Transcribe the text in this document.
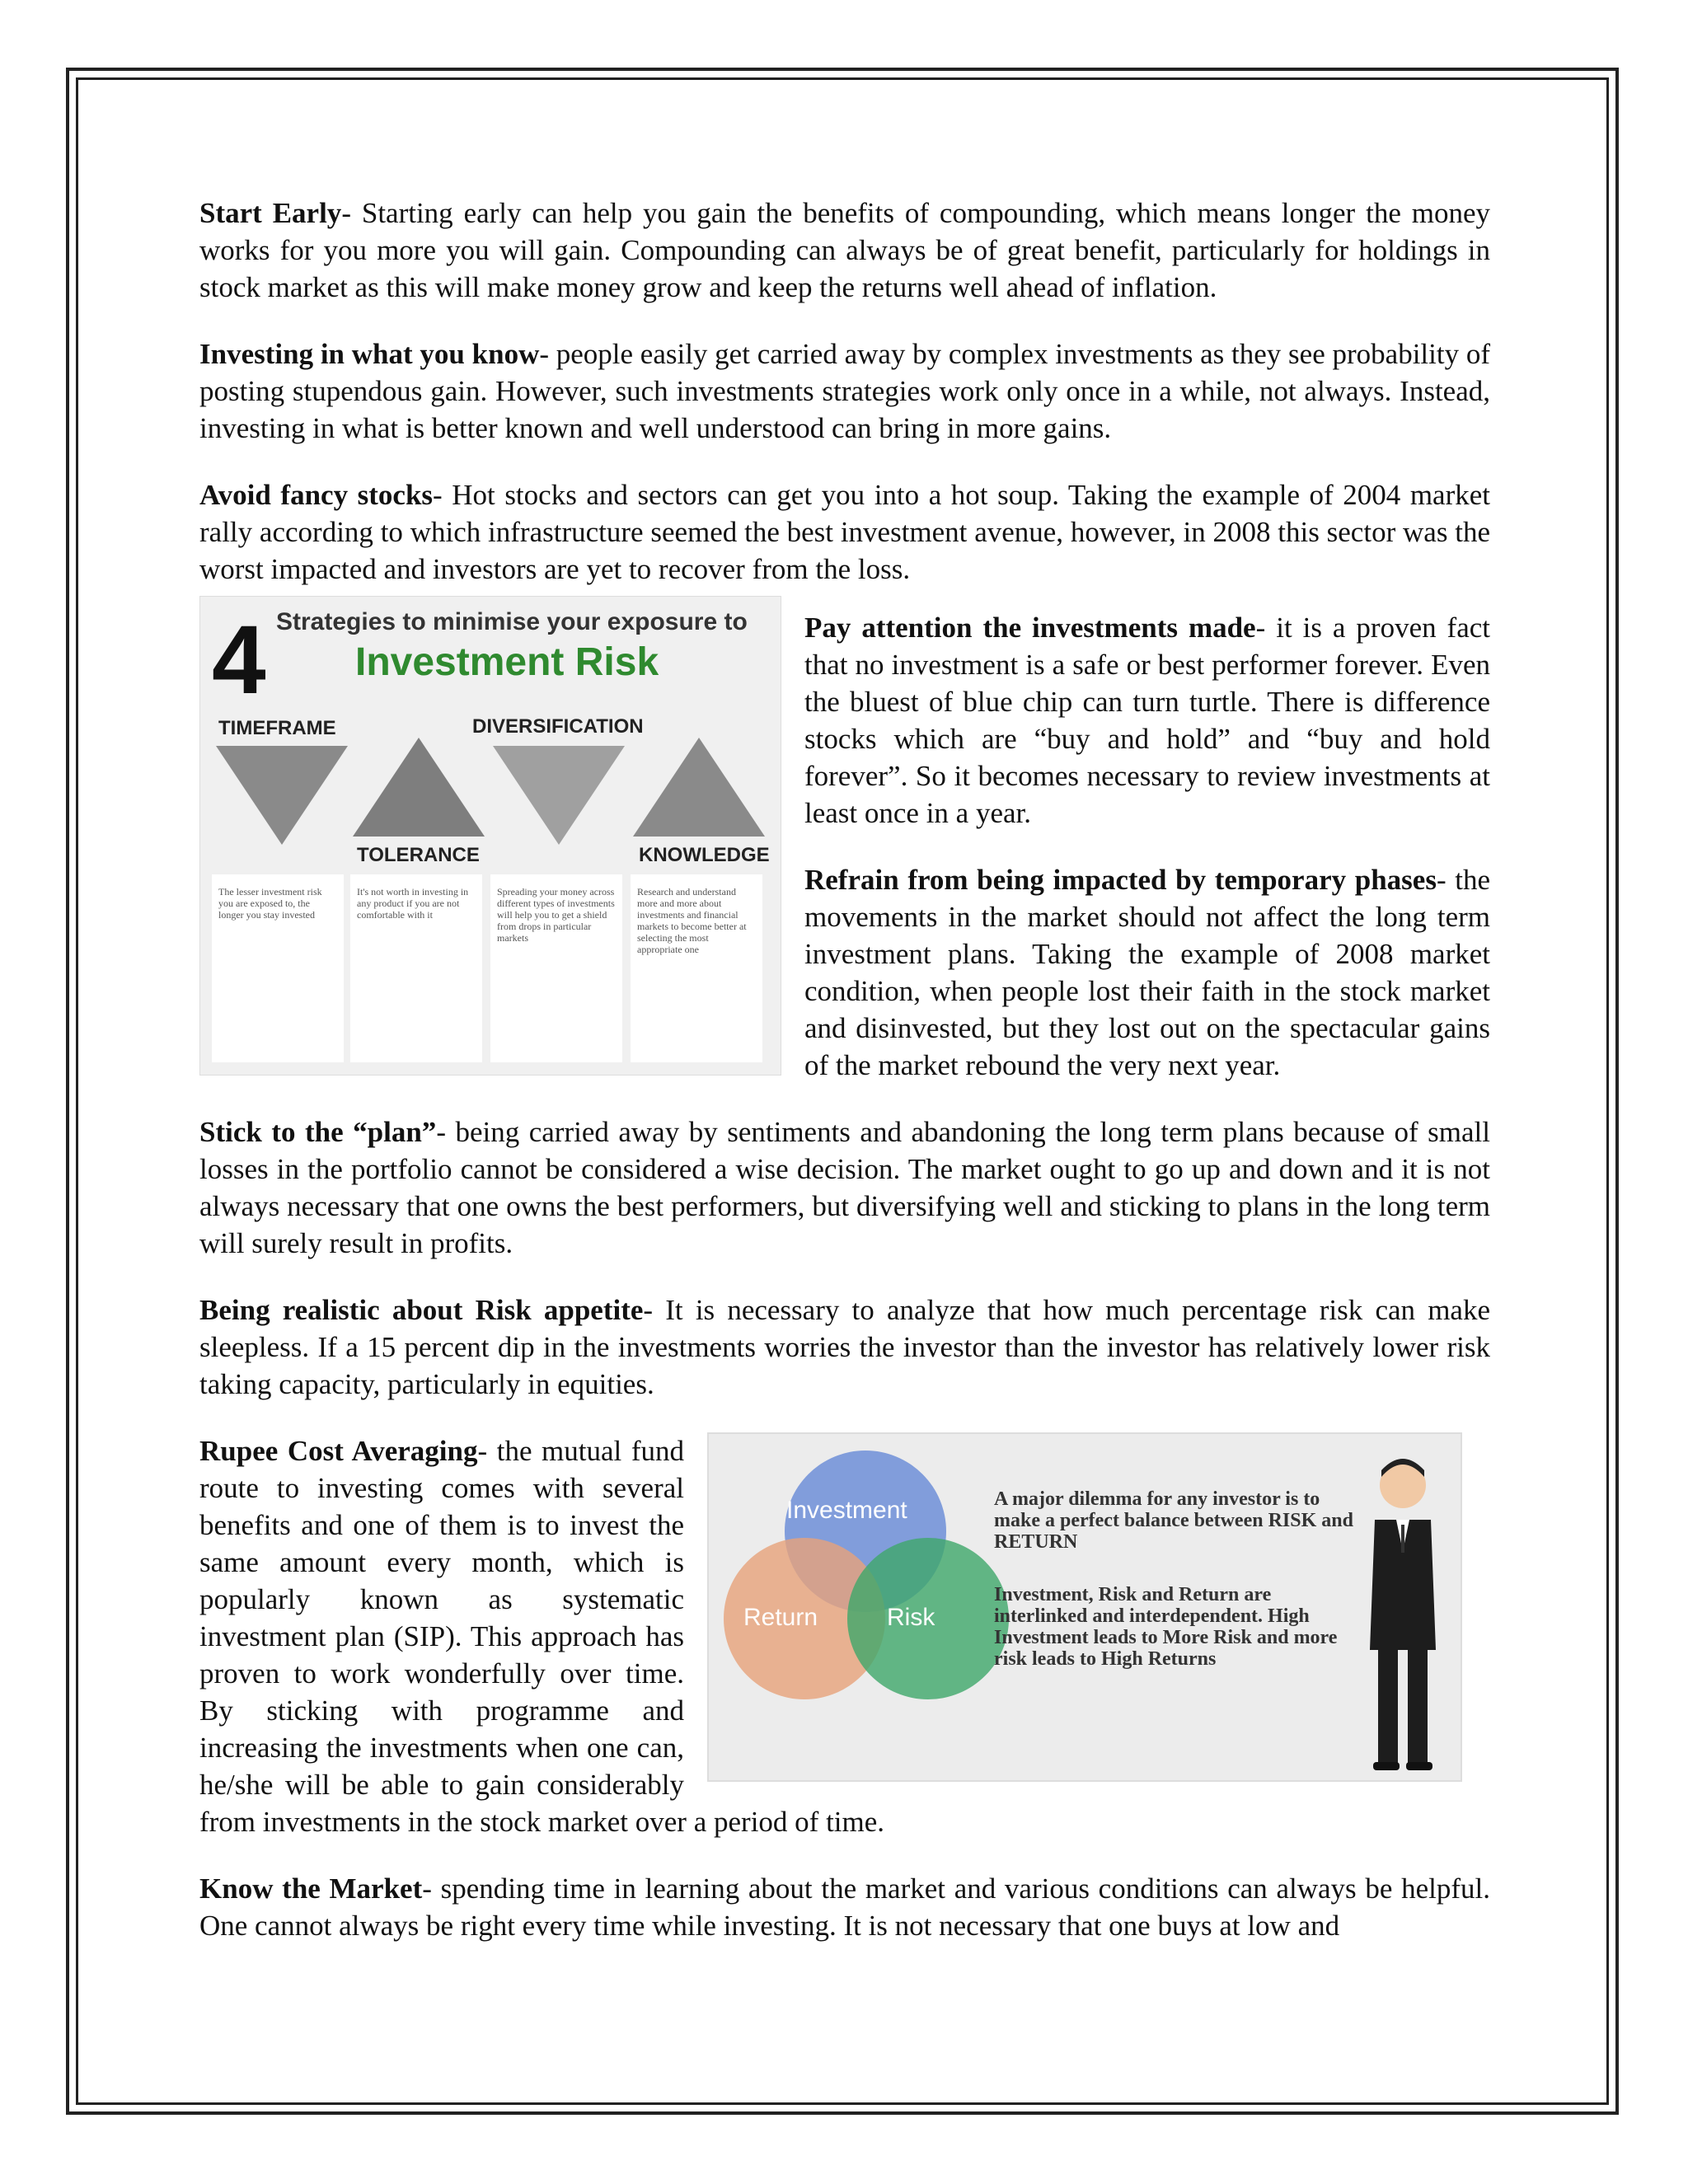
Start Early- Starting early can help you gain the benefits of compounding, which means longer the money works for you more you will gain. Compounding can always be of great benefit, particularly for holdings in stock market as this will make money grow and keep the returns well ahead of inflation.

Investing in what you know- people easily get carried away by complex investments as they see probability of posting stupendous gain. However, such investments strategies work only once in a while, not always. Instead, investing in what is better known and well understood can bring in more gains.

Avoid fancy stocks- Hot stocks and sectors can get you into a hot soup. Taking the example of 2004 market rally according to which infrastructure seemed the best investment avenue, however, in 2008 this sector was the worst impacted and investors are yet to recover from the loss.

4 Strategies to minimise your exposure to
Investment Risk
TIMEFRAME	DIVERSIFICATION
TOLERANCE	KNOWLEDGE
The lesser investment risk you are exposed to, the longer you stay invested
It's not worth in investing in any product if you are not comfortable with it
Spreading your money across different types of investments will help you to get a shield from drops in particular markets
Research and understand more and more about investments and financial markets to become better at selecting the most appropriate one

Pay attention the investments made- it is a proven fact that no investment is a safe or best performer forever. Even the bluest of blue chip can turn turtle. There is difference stocks which are “buy and hold” and “buy and hold forever”. So it becomes necessary to review investments at least once in a year.

Refrain from being impacted by temporary phases- the movements in the market should not affect the long term investment plans. Taking the example of 2008 market condition, when people lost their faith in the stock market and disinvested, but they lost out on the spectacular gains of the market rebound the very next year.

Stick to the “plan”- being carried away by sentiments and abandoning the long term plans because of small losses in the portfolio cannot be considered a wise decision. The market ought to go up and down and it is not always necessary that one owns the best performers, but diversifying well and sticking to plans in the long term will surely result in profits.

Being realistic about Risk appetite- It is necessary to analyze that how much percentage risk can make sleepless. If a 15 percent dip in the investments worries the investor than the investor has relatively lower risk taking capacity, particularly in equities.

Investment
Return	Risk
A major dilemma for any investor is to make a perfect balance between RISK and RETURN
Investment, Risk and Return are interlinked and interdependent. High Investment leads to More Risk and more risk leads to High Returns

Rupee Cost Averaging- the mutual fund route to investing comes with several benefits and one of them is to invest the same amount every month, which is popularly known as systematic investment plan (SIP). This approach has proven to work wonderfully over time. By sticking with programme and increasing the investments when one can, he/she will be able to gain considerably from investments in the stock market over a period of time.

Know the Market- spending time in learning about the market and various conditions can always be helpful. One cannot always be right every time while investing. It is not necessary that one buys at low and
